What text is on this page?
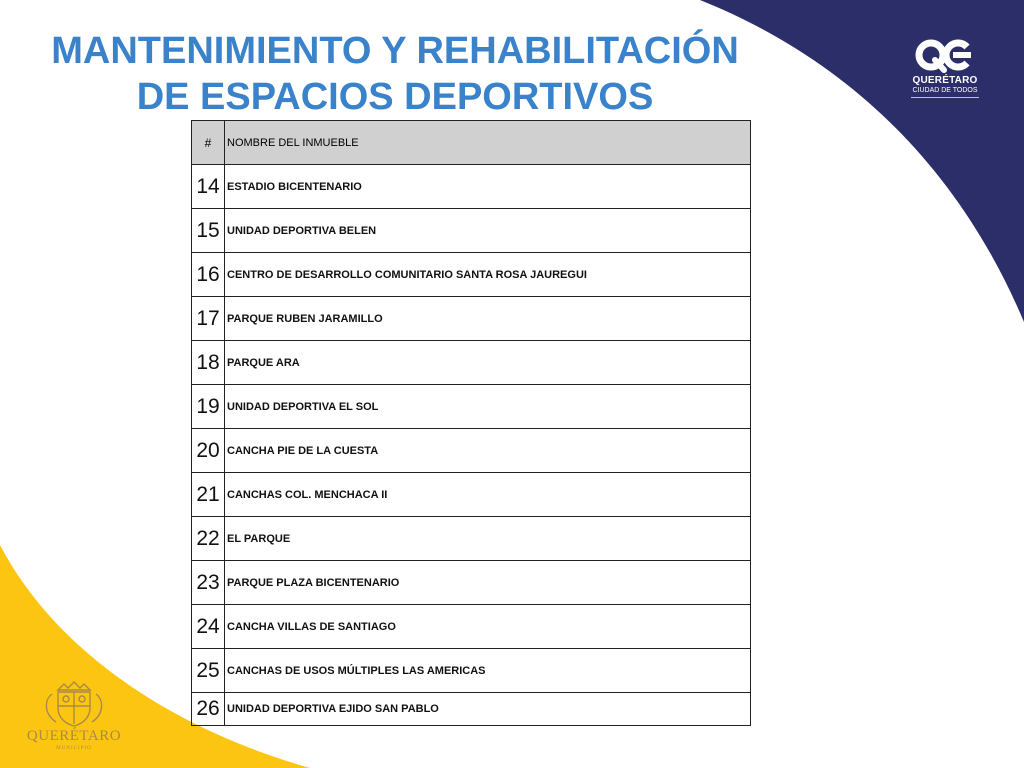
MANTENIMIENTO Y REHABILITACIÓN
DE ESPACIOS DEPORTIVOS
#	NOMBRE DEL INMUEBLE
14	ESTADIO BICENTENARIO
15	UNIDAD DEPORTIVA BELEN
16	CENTRO DE DESARROLLO COMUNITARIO SANTA ROSA JAUREGUI
17	PARQUE RUBEN JARAMILLO
18	PARQUE ARA
19	UNIDAD DEPORTIVA EL SOL
20	CANCHA PIE DE LA CUESTA
21	CANCHAS COL. MENCHACA II
22	EL PARQUE
23	PARQUE PLAZA BICENTENARIO
24	CANCHA VILLAS DE SANTIAGO
25	CANCHAS DE USOS MÚLTIPLES LAS AMERICAS
26	UNIDAD DEPORTIVA EJIDO SAN PABLO
QUERÉTARO
CIUDAD DE TODOS
QUERÉTARO
MUNICIPIO
